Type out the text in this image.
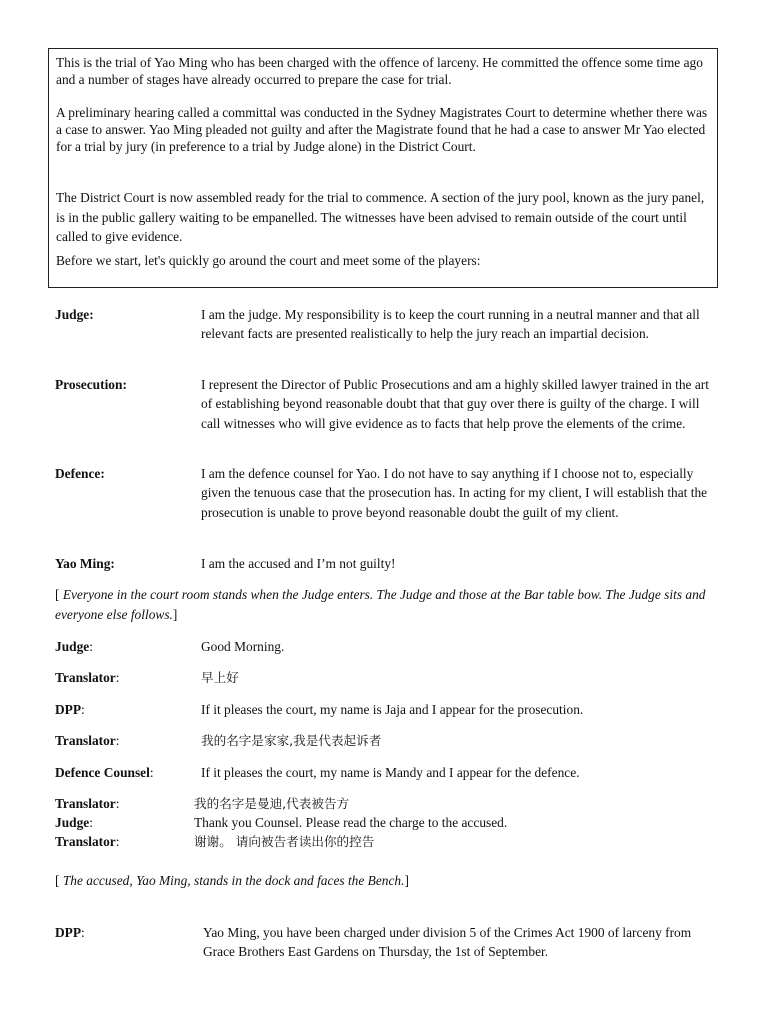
This is the trial of Yao Ming who has been charged with the offence of larceny. He committed the offence some time ago and a number of stages have already occurred to prepare the case for trial.

A preliminary hearing called a committal was conducted in the Sydney Magistrates Court to determine whether there was a case to answer. Yao Ming pleaded not guilty and after the Magistrate found that he had a case to answer Mr Yao elected for a trial by jury (in preference to a trial by Judge alone) in the District Court.

The District Court is now assembled ready for the trial to commence. A section of the jury pool, known as the jury panel, is in the public gallery waiting to be empanelled. The witnesses have been advised to remain outside of the court until called to give evidence.

Before we start, let's quickly go around the court and meet some of the players:

Judge:	I am the judge. My responsibility is to keep the court running in a neutral manner and that all relevant facts are presented realistically to help the jury reach an impartial decision.
Prosecution:	I represent the Director of Public Prosecutions and am a highly skilled lawyer trained in the art of establishing beyond reasonable doubt that that guy over there is guilty of the charge. I will call witnesses who will give evidence as to facts that help prove the elements of the crime.
Defence:	I am the defence counsel for Yao. I do not have to say anything if I choose not to, especially given the tenuous case that the prosecution has. In acting for my client, I will establish that the prosecution is unable to prove beyond reasonable doubt the guilt of my client.
Yao Ming:	I am the accused and I’m not guilty!
[ Everyone in the court room stands when the Judge enters. The Judge and those at the Bar table bow. The Judge sits and everyone else follows.]
Judge:	Good Morning.
Translator:	早上好
DPP:	If it pleases the court, my name is Jaja and I appear for the prosecution.
Translator:	我的名字是家家,我是代表起诉者
Defence Counsel:	If it pleases the court, my name is Mandy and I appear for the defence.
Translator:	我的名字是曼迪,代表被告方
Judge:	Thank you Counsel. Please read the charge to the accused.
Translator:	谢谢。 请向被告者读出你的控告
[ The accused, Yao Ming, stands in the dock and faces the Bench.]
DPP:	Yao Ming, you have been charged under division 5 of the Crimes Act 1900 of larceny from Grace Brothers East Gardens on Thursday, the 1st of September.
